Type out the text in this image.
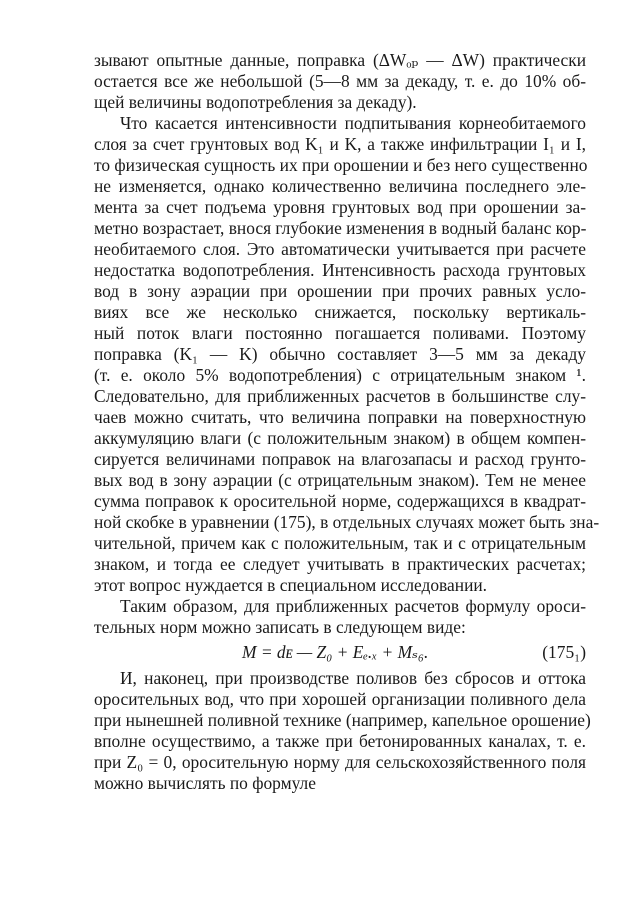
зывают опытные данные, поправка (ΔWₒₚ — ΔW) практически
остается все же небольшой (5—8 мм за декаду, т. е. до 10% об-
щей величины водопотребления за декаду).
Что касается интенсивности подпитывания корнеобитаемого
слоя за счет грунтовых вод K₁ и K, а также инфильтрации I₁ и I,
то физическая сущность их при орошении и без него существенно
не изменяется, однако количественно величина последнего эле-
мента за счет подъема уровня грунтовых вод при орошении за-
метно возрастает, внося глубокие изменения в водный баланс кор-
необитаемого слоя. Это автоматически учитывается при расчете
недостатка водопотребления. Интенсивность расхода грунтовых
вод в зону аэрации при орошении при прочих равных усло-
виях все же несколько снижается, поскольку вертикаль-
ный поток влаги постоянно погашается поливами. Поэтому
поправка (K₁ — K) обычно составляет 3—5 мм за декаду
(т. е. около 5% водопотребления) с отрицательным знаком ¹.
Следовательно, для приближенных расчетов в большинстве слу-
чаев можно считать, что величина поправки на поверхностную
аккумуляцию влаги (с положительным знаком) в общем компен-
сируется величинами поправок на влагозапасы и расход грунто-
вых вод в зону аэрации (с отрицательным знаком). Тем не менее
сумма поправок к оросительной норме, содержащихся в квадрат-
ной скобке в уравнении (175), в отдельных случаях может быть зна-
чительной, причем как с положительным, так и с отрицательным
знаком, и тогда ее следует учитывать в практических расчетах;
этот вопрос нуждается в специальном исследовании.
Таким образом, для приближенных расчетов формулу ороси-
тельных норм можно записать в следующем виде:
M = dᴇ — Z₀ + Eₑ.ₓ + Mₛ₆.	(175₁)
И, наконец, при производстве поливов без сбросов и оттока
оросительных вод, что при хорошей организации поливного дела
при нынешней поливной технике (например, капельное орошение)
вполне осуществимо, а также при бетонированных каналах, т. е.
при Z₀ = 0, оросительную норму для сельскохозяйственного поля
можно вычислять по формуле
